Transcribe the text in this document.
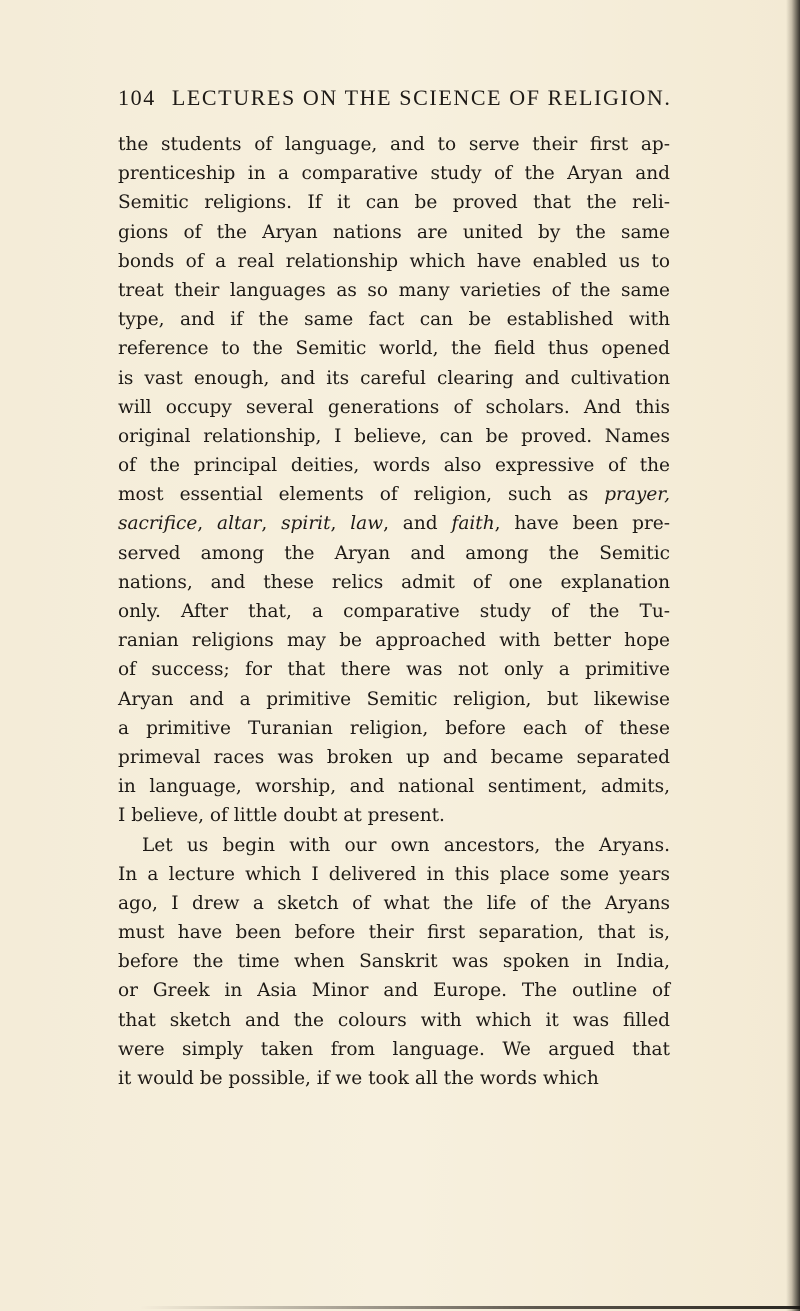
104 LECTURES ON THE SCIENCE OF RELIGION.
the students of language, and to serve their first ap-
prenticeship in a comparative study of the Aryan and
Semitic religions. If it can be proved that the reli-
gions of the Aryan nations are united by the same
bonds of a real relationship which have enabled us to
treat their languages as so many varieties of the same
type, and if the same fact can be established with
reference to the Semitic world, the field thus opened
is vast enough, and its careful clearing and cultivation
will occupy several generations of scholars. And this
original relationship, I believe, can be proved. Names
of the principal deities, words also expressive of the
most essential elements of religion, such as prayer,
sacrifice, altar, spirit, law, and faith, have been pre-
served among the Aryan and among the Semitic
nations, and these relics admit of one explanation
only. After that, a comparative study of the Tu-
ranian religions may be approached with better hope
of success; for that there was not only a primitive
Aryan and a primitive Semitic religion, but likewise
a primitive Turanian religion, before each of these
primeval races was broken up and became separated
in language, worship, and national sentiment, admits,
I believe, of little doubt at present.
Let us begin with our own ancestors, the Aryans.
In a lecture which I delivered in this place some years
ago, I drew a sketch of what the life of the Aryans
must have been before their first separation, that is,
before the time when Sanskrit was spoken in India,
or Greek in Asia Minor and Europe. The outline of
that sketch and the colours with which it was filled
were simply taken from language. We argued that
it would be possible, if we took all the words which
